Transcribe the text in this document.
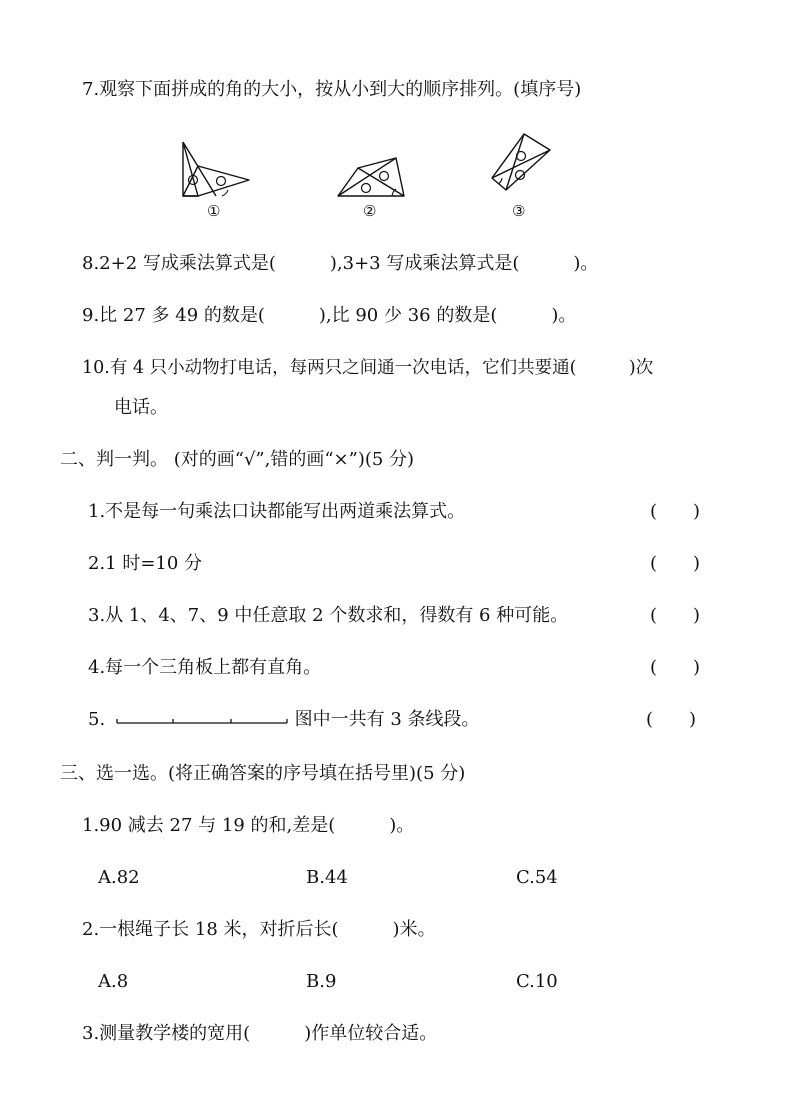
7.观察下面拼成的角的大小，按从小到大的顺序排列。(填序号)
①	②	③
8.2+2 写成乘法算式是(　　　),3+3 写成乘法算式是(　　　)。
9.比 27 多 49 的数是(　　　),比 90 少 36 的数是(　　　)。
10.有 4 只小动物打电话，每两只之间通一次电话，它们共要通(　　　)次
电话。
二、判一判。 (对的画“√”,错的画“×”)(5 分)
1.不是每一句乘法口诀都能写出两道乘法算式。	(　　)
2.1 时=10 分	(　　)
3.从 1、4、7、9 中任意取 2 个数求和，得数有 6 种可能。	(　　)
4.每一个三角板上都有直角。	(　　)
5.	图中一共有 3 条线段。	(　　)
三、选一选。(将正确答案的序号填在括号里)(5 分)
1.90 减去 27 与 19 的和,差是(　　　)。
A.82	B.44	C.54
2.一根绳子长 18 米，对折后长(　　　)米。
A.8	B.9	C.10
3.测量教学楼的宽用(　　　)作单位较合适。
